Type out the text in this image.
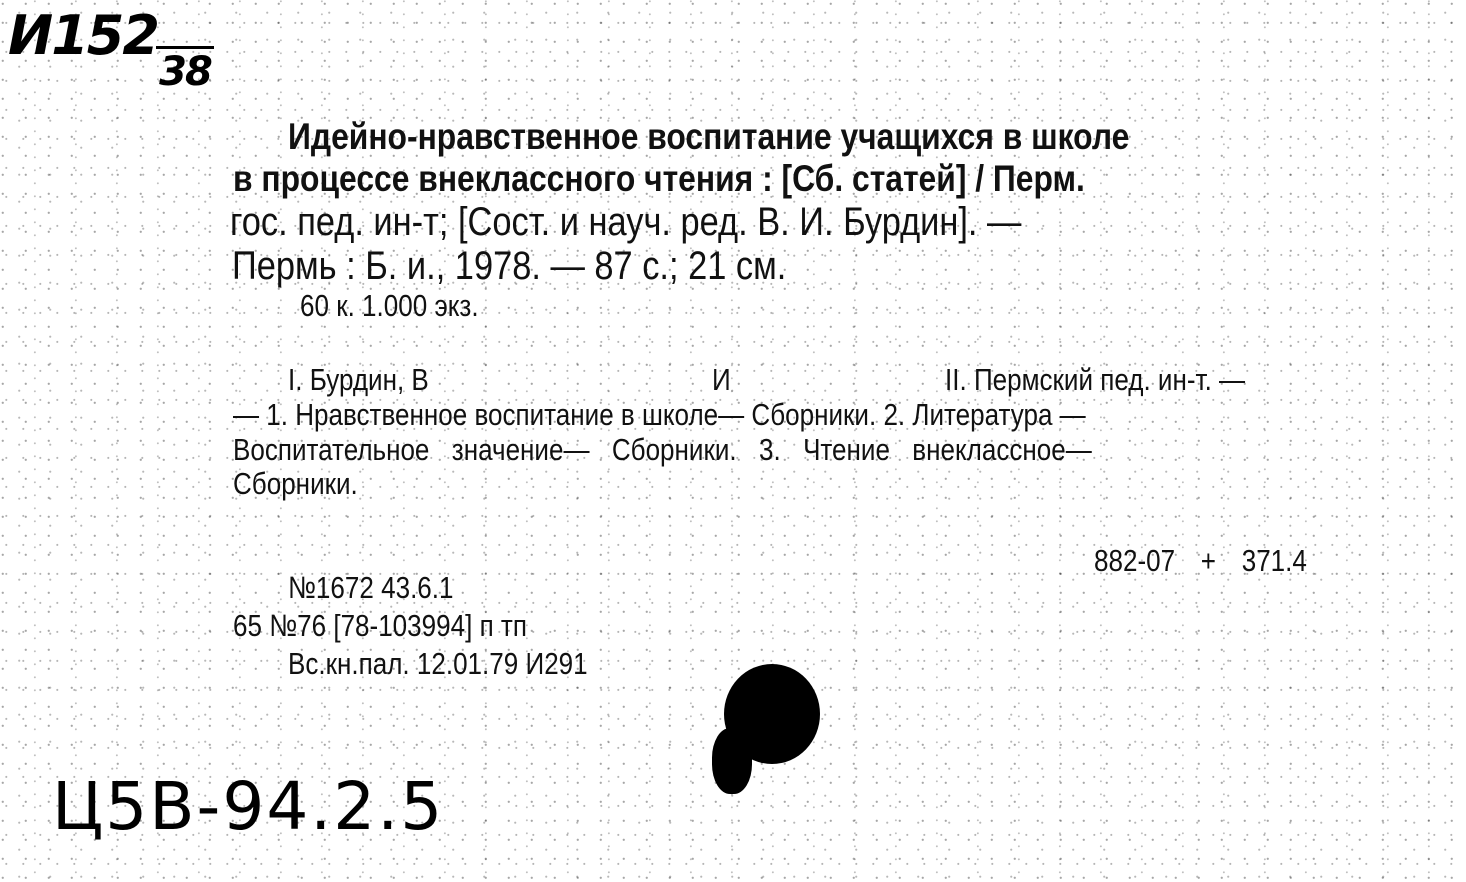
И152
38
Идейно-нравственное воспитание учащихся в школе
в процессе внеклассного чтения : [Сб. статей] / Перм.
гос. пед. ин-т; [Сост. и науч. ред. В. И. Бурдин]. —
Пермь : Б. и., 1978. — 87 с.; 21 см.
60 к. 1.000 экз.
I. Бурдин, В	И	II. Пермский пед. ин-т. —
— 1. Нравственное воспитание в школе— Сборники. 2. Литература —
Воспитательное значение— Сборники. 3. Чтение внеклассное—
Сборники.
882-07 + 371.4
№1672 43.6.1
65 №76 [78-103994] п тп
Вс.кн.пал. 12.01.79 И291
Ц5В-94.2.5
